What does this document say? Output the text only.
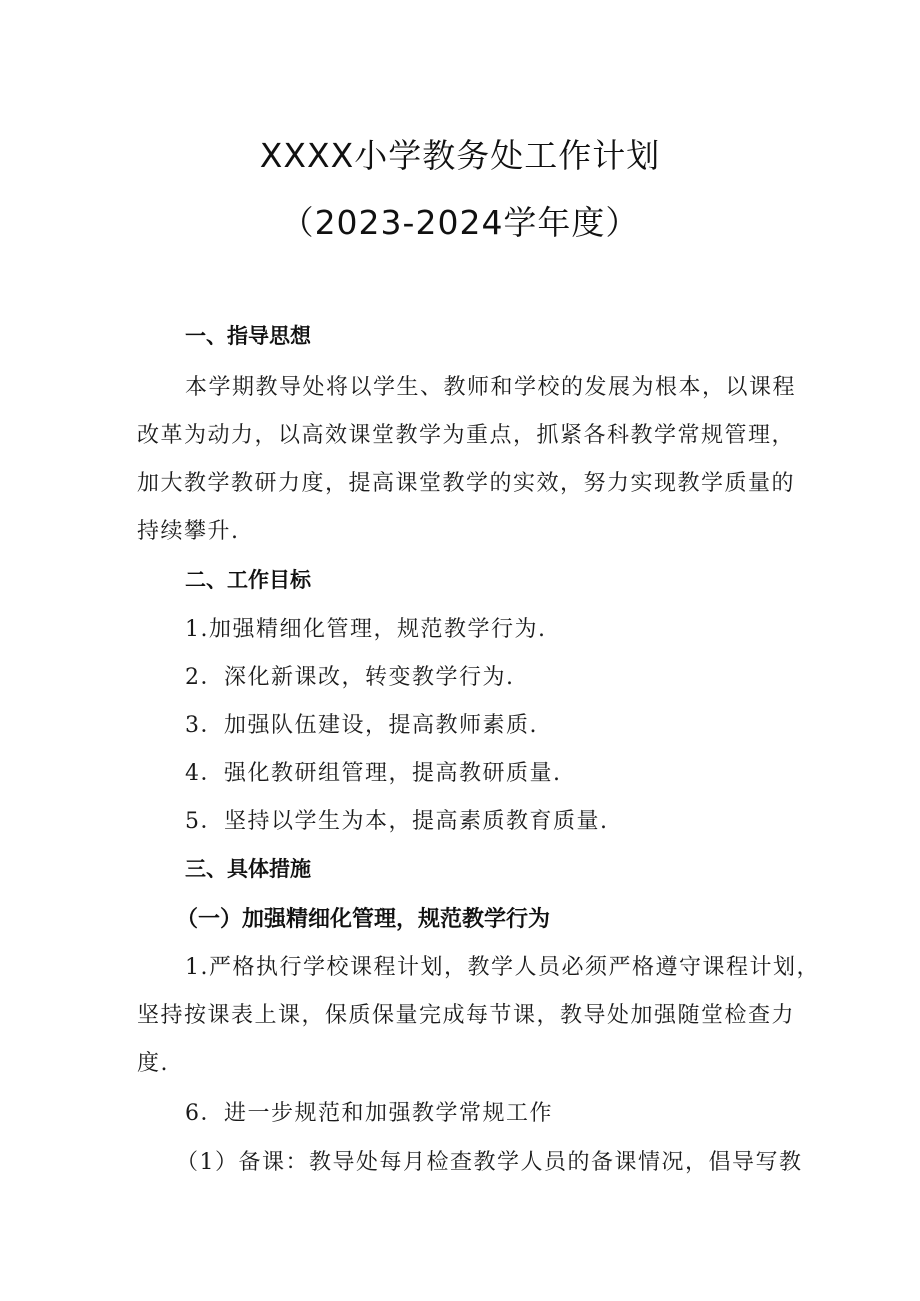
XXXX小学教务处工作计划
（2023-2024学年度）
一、指导思想
本学期教导处将以学生、教师和学校的发展为根本，以课程
改革为动力，以高效课堂教学为重点，抓紧各科教学常规管理，
加大教学教研力度，提高课堂教学的实效，努力实现教学质量的
持续攀升.
二、工作目标
1.加强精细化管理，规范教学行为.
2．深化新课改，转变教学行为.
3．加强队伍建设，提高教师素质.
4．强化教研组管理，提高教研质量.
5．坚持以学生为本，提高素质教育质量.
三、具体措施
（一）加强精细化管理，规范教学行为
1.严格执行学校课程计划，教学人员必须严格遵守课程计划，
坚持按课表上课，保质保量完成每节课，教导处加强随堂检查力
度.
6．进一步规范和加强教学常规工作
（1）备课：教导处每月检查教学人员的备课情况，倡导写教
